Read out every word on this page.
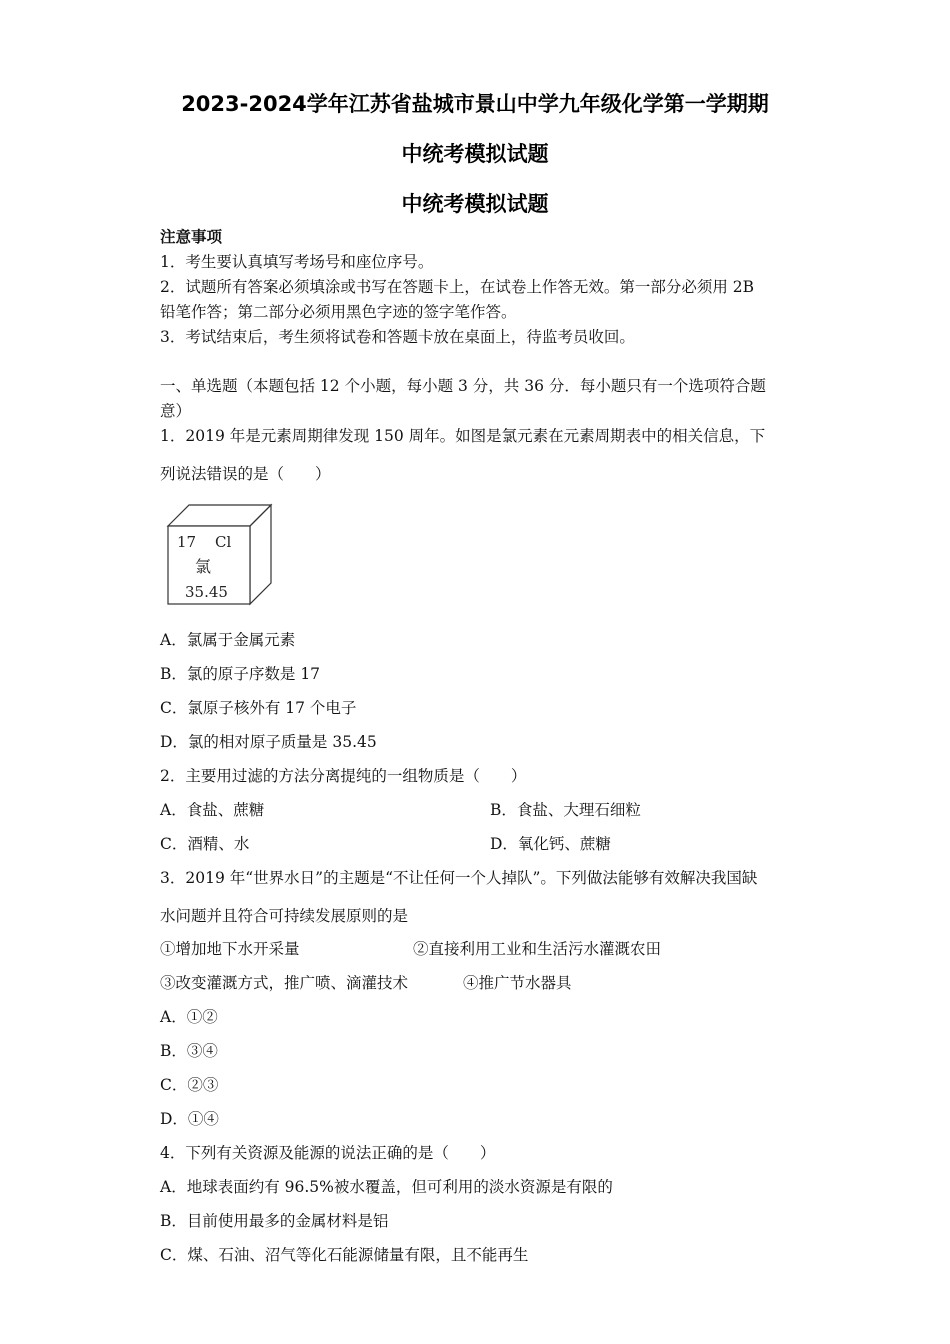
2023-2024学年江苏省盐城市景山中学九年级化学第一学期期
中统考模拟试题
中统考模拟试题
注意事项
1．考生要认真填写考场号和座位序号。
2．试题所有答案必须填涂或书写在答题卡上，在试卷上作答无效。第一部分必须用 2B
铅笔作答；第二部分必须用黑色字迹的签字笔作答。
3．考试结束后，考生须将试卷和答题卡放在桌面上，待监考员收回。
一、单选题（本题包括 12 个小题，每小题 3 分，共 36 分．每小题只有一个选项符合题
意）
1．2019 年是元素周期律发现 150 周年。如图是氯元素在元素周期表中的相关信息，下
列说法错误的是（　　）
17 Cl
氯
35.45
A．氯属于金属元素
B．氯的原子序数是 17
C．氯原子核外有 17 个电子
D．氯的相对原子质量是 35.45
2．主要用过滤的方法分离提纯的一组物质是（　　）
A．食盐、蔗糖	B．食盐、大理石细粒
C．酒精、水	D．氧化钙、蔗糖
3．2019 年“世界水日”的主题是“不让任何一个人掉队”。下列做法能够有效解决我国缺
水问题并且符合可持续发展原则的是
①增加地下水开采量	②直接利用工业和生活污水灌溉农田
③改变灌溉方式，推广喷、滴灌技术	④推广节水器具
A．①②
B．③④
C．②③
D．①④
4．下列有关资源及能源的说法正确的是（　　）
A．地球表面约有 96.5%被水覆盖，但可利用的淡水资源是有限的
B．目前使用最多的金属材料是铝
C．煤、石油、沼气等化石能源储量有限，且不能再生
